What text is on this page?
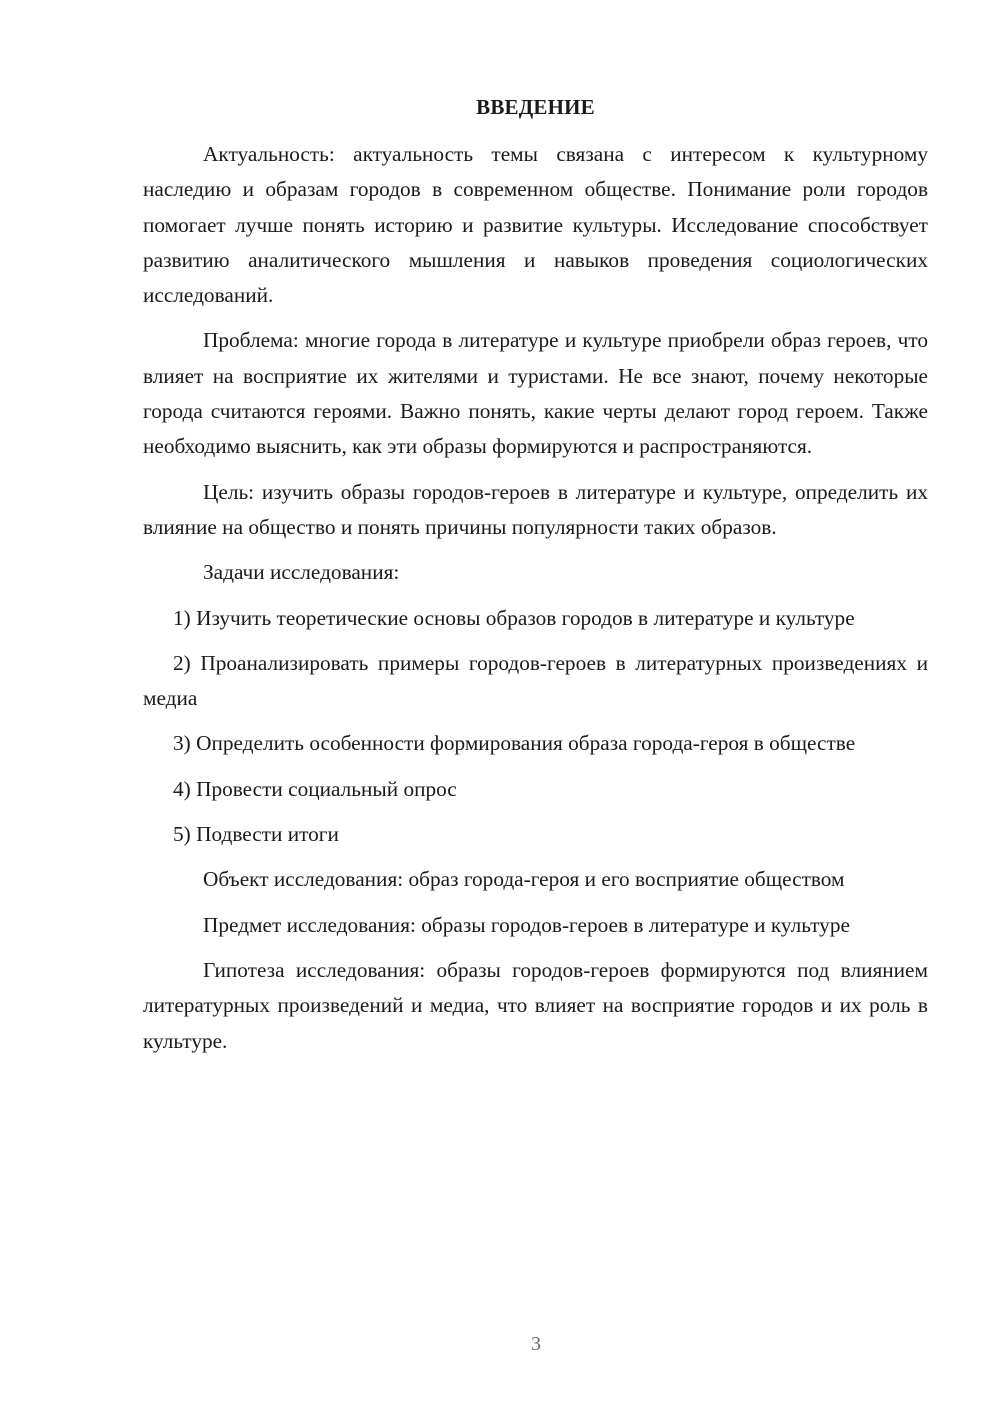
ВВЕДЕНИЕ

Актуальность: актуальность темы связана с интересом к культурному наследию и образам городов в современном обществе. Понимание роли городов помогает лучше понять историю и развитие культуры. Исследование способствует развитию аналитического мышления и навыков проведения социологических исследований.

Проблема: многие города в литературе и культуре приобрели образ героев, что влияет на восприятие их жителями и туристами. Не все знают, почему некоторые города считаются героями. Важно понять, какие черты делают город героем. Также необходимо выяснить, как эти образы формируются и распространяются.

Цель: изучить образы городов-героев в литературе и культуре, определить их влияние на общество и понять причины популярности таких образов.

Задачи исследования:

1) Изучить теоретические основы образов городов в литературе и культуре

2) Проанализировать примеры городов-героев в литературных произведениях и медиа

3) Определить особенности формирования образа города-героя в обществе

4) Провести социальный опрос

5) Подвести итоги

Объект исследования: образ города-героя и его восприятие обществом

Предмет исследования: образы городов-героев в литературе и культуре

Гипотеза исследования: образы городов-героев формируются под влиянием литературных произведений и медиа, что влияет на восприятие городов и их роль в культуре.

3
